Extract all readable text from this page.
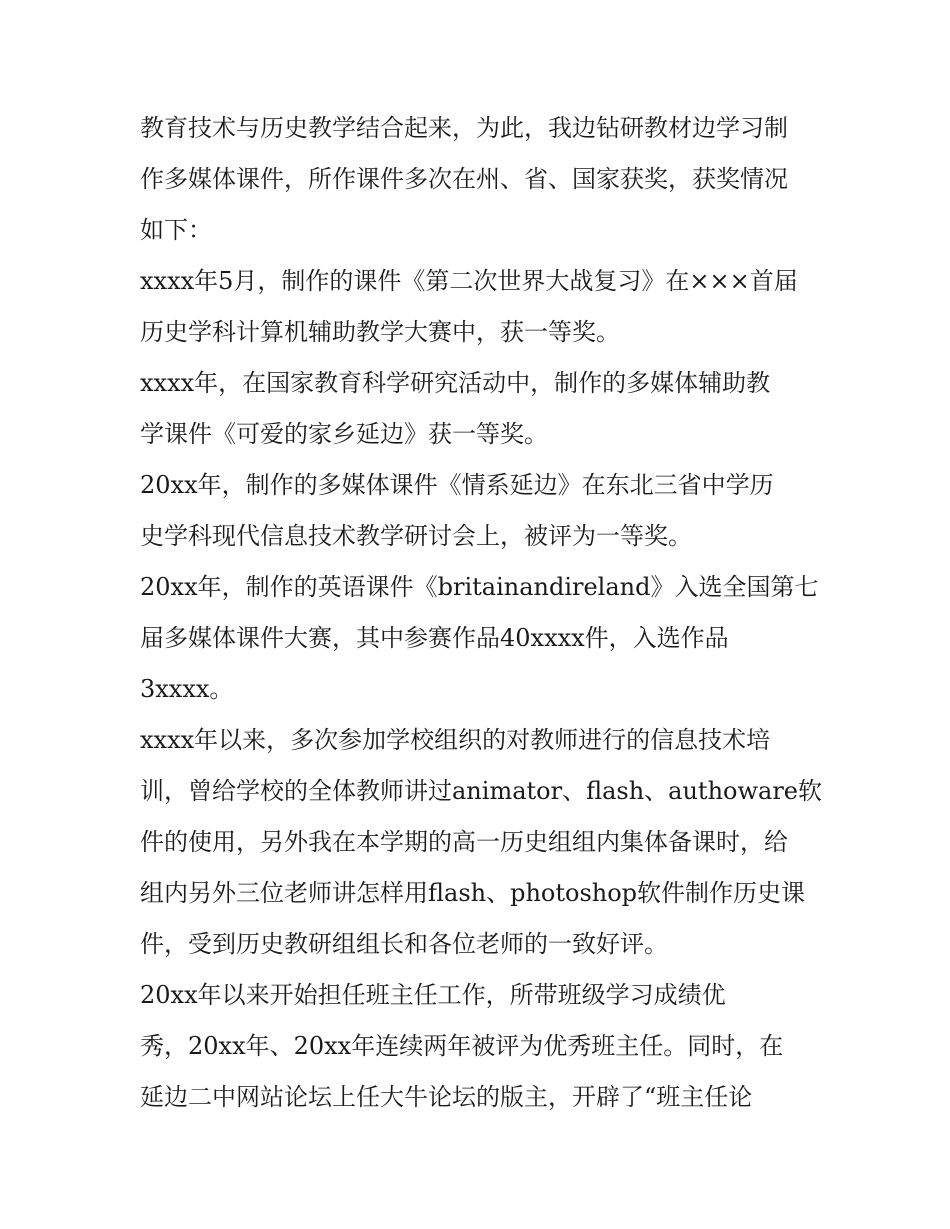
教育技术与历史教学结合起来，为此，我边钻研教材边学习制
作多媒体课件，所作课件多次在州、省、国家获奖，获奖情况
如下：
xxxx年5月，制作的课件《第二次世界大战复习》在×××首届
历史学科计算机辅助教学大赛中，获一等奖。
xxxx年，在国家教育科学研究活动中，制作的多媒体辅助教
学课件《可爱的家乡延边》获一等奖。
20xx年，制作的多媒体课件《情系延边》在东北三省中学历
史学科现代信息技术教学研讨会上，被评为一等奖。
20xx年，制作的英语课件《britainandireland》入选全国第七
届多媒体课件大赛，其中参赛作品40xxxx件，入选作品
3xxxx。
xxxx年以来，多次参加学校组织的对教师进行的信息技术培
训，曾给学校的全体教师讲过animator、flash、authoware软
件的使用，另外我在本学期的高一历史组组内集体备课时，给
组内另外三位老师讲怎样用flash、photoshop软件制作历史课
件，受到历史教研组组长和各位老师的一致好评。
20xx年以来开始担任班主任工作，所带班级学习成绩优
秀，20xx年、20xx年连续两年被评为优秀班主任。同时，在
延边二中网站论坛上任大牛论坛的版主，开辟了“班主任论
